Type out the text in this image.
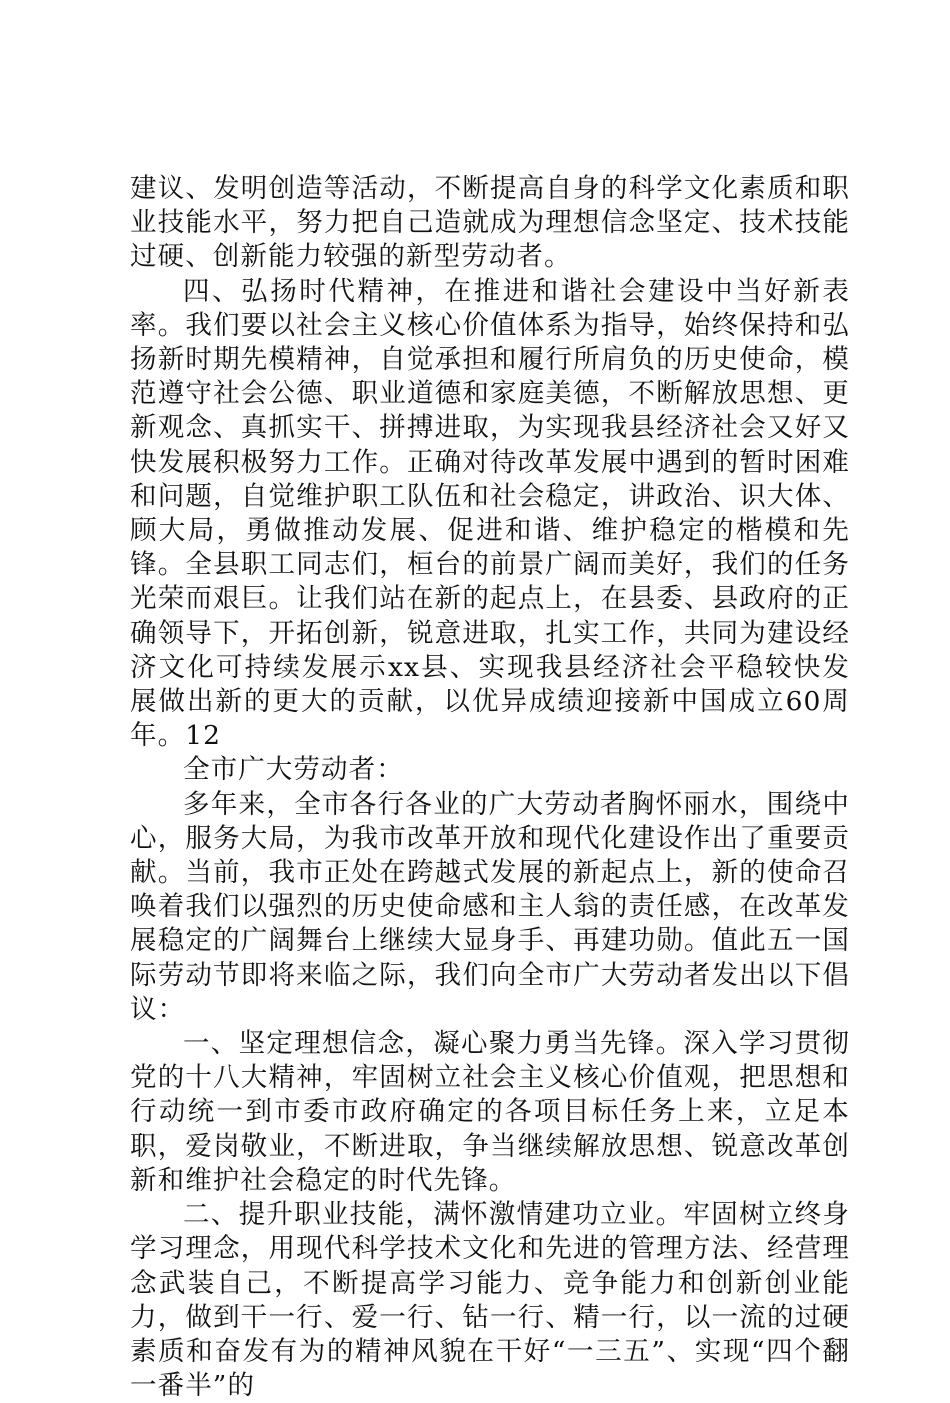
建议、发明创造等活动，不断提高自身的科学文化素质和职业技能水平，努力把自己造就成为理想信念坚定、技术技能过硬、创新能力较强的新型劳动者。

四、弘扬时代精神，在推进和谐社会建设中当好新表率。我们要以社会主义核心价值体系为指导，始终保持和弘扬新时期先模精神，自觉承担和履行所肩负的历史使命，模范遵守社会公德、职业道德和家庭美德，不断解放思想、更新观念、真抓实干、拼搏进取，为实现我县经济社会又好又快发展积极努力工作。正确对待改革发展中遇到的暂时困难和问题，自觉维护职工队伍和社会稳定，讲政治、识大体、顾大局，勇做推动发展、促进和谐、维护稳定的楷模和先锋。全县职工同志们，桓台的前景广阔而美好，我们的任务光荣而艰巨。让我们站在新的起点上，在县委、县政府的正确领导下，开拓创新，锐意进取，扎实工作，共同为建设经济文化可持续发展示xx县、实现我县经济社会平稳较快发展做出新的更大的贡献，以优异成绩迎接新中国成立60周年。12

全市广大劳动者：

多年来，全市各行各业的广大劳动者胸怀丽水，围绕中心，服务大局，为我市改革开放和现代化建设作出了重要贡献。当前，我市正处在跨越式发展的新起点上，新的使命召唤着我们以强烈的历史使命感和主人翁的责任感，在改革发展稳定的广阔舞台上继续大显身手、再建功勋。值此五一国际劳动节即将来临之际，我们向全市广大劳动者发出以下倡议：

一、坚定理想信念，凝心聚力勇当先锋。深入学习贯彻党的十八大精神，牢固树立社会主义核心价值观，把思想和行动统一到市委市政府确定的各项目标任务上来，立足本职，爱岗敬业，不断进取，争当继续解放思想、锐意改革创新和维护社会稳定的时代先锋。

二、提升职业技能，满怀激情建功立业。牢固树立终身学习理念，用现代科学技术文化和先进的管理方法、经营理念武装自己，不断提高学习能力、竞争能力和创新创业能力，做到干一行、爱一行、钻一行、精一行，以一流的过硬素质和奋发有为的精神风貌在干好“一三五”、实现“四个翻一番半”的
